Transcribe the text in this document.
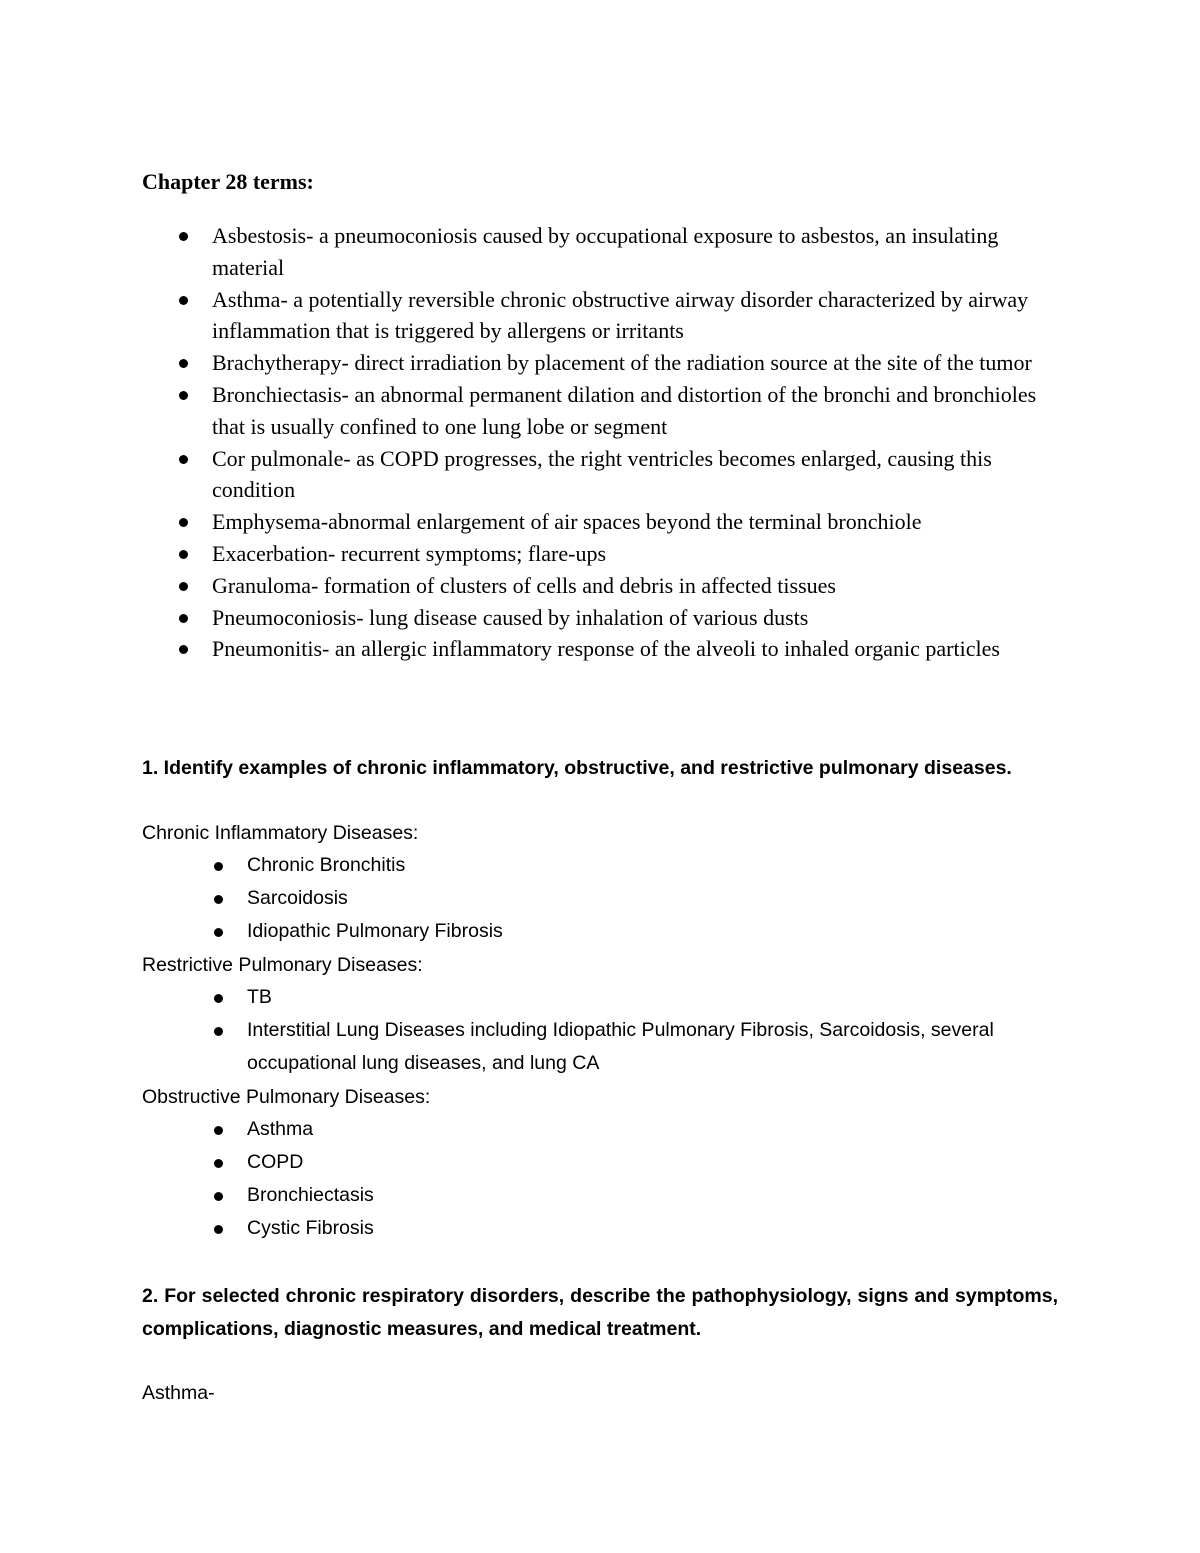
Chapter 28 terms:
Asbestosis- a pneumoconiosis caused by occupational exposure to asbestos, an insulating material
Asthma- a potentially reversible chronic obstructive airway disorder characterized by airway inflammation that is triggered by allergens or irritants
Brachytherapy- direct irradiation by placement of the radiation source at the site of the tumor
Bronchiectasis- an abnormal permanent dilation and distortion of the bronchi and bronchioles that is usually confined to one lung lobe or segment
Cor pulmonale- as COPD progresses, the right ventricles becomes enlarged, causing this condition
Emphysema-abnormal enlargement of air spaces beyond the terminal bronchiole
Exacerbation- recurrent symptoms; flare-ups
Granuloma- formation of clusters of cells and debris in affected tissues
Pneumoconiosis- lung disease caused by inhalation of various dusts
Pneumonitis- an allergic inflammatory response of the alveoli to inhaled organic particles
1. Identify examples of chronic inflammatory, obstructive, and restrictive pulmonary diseases.
Chronic Inflammatory Diseases:
Chronic Bronchitis
Sarcoidosis
Idiopathic Pulmonary Fibrosis
Restrictive Pulmonary Diseases:
TB
Interstitial Lung Diseases including Idiopathic Pulmonary Fibrosis, Sarcoidosis, several occupational lung diseases, and lung CA
Obstructive Pulmonary Diseases:
Asthma
COPD
Bronchiectasis
Cystic Fibrosis
2. For selected chronic respiratory disorders, describe the pathophysiology, signs and symptoms, complications, diagnostic measures, and medical treatment.
Asthma-
